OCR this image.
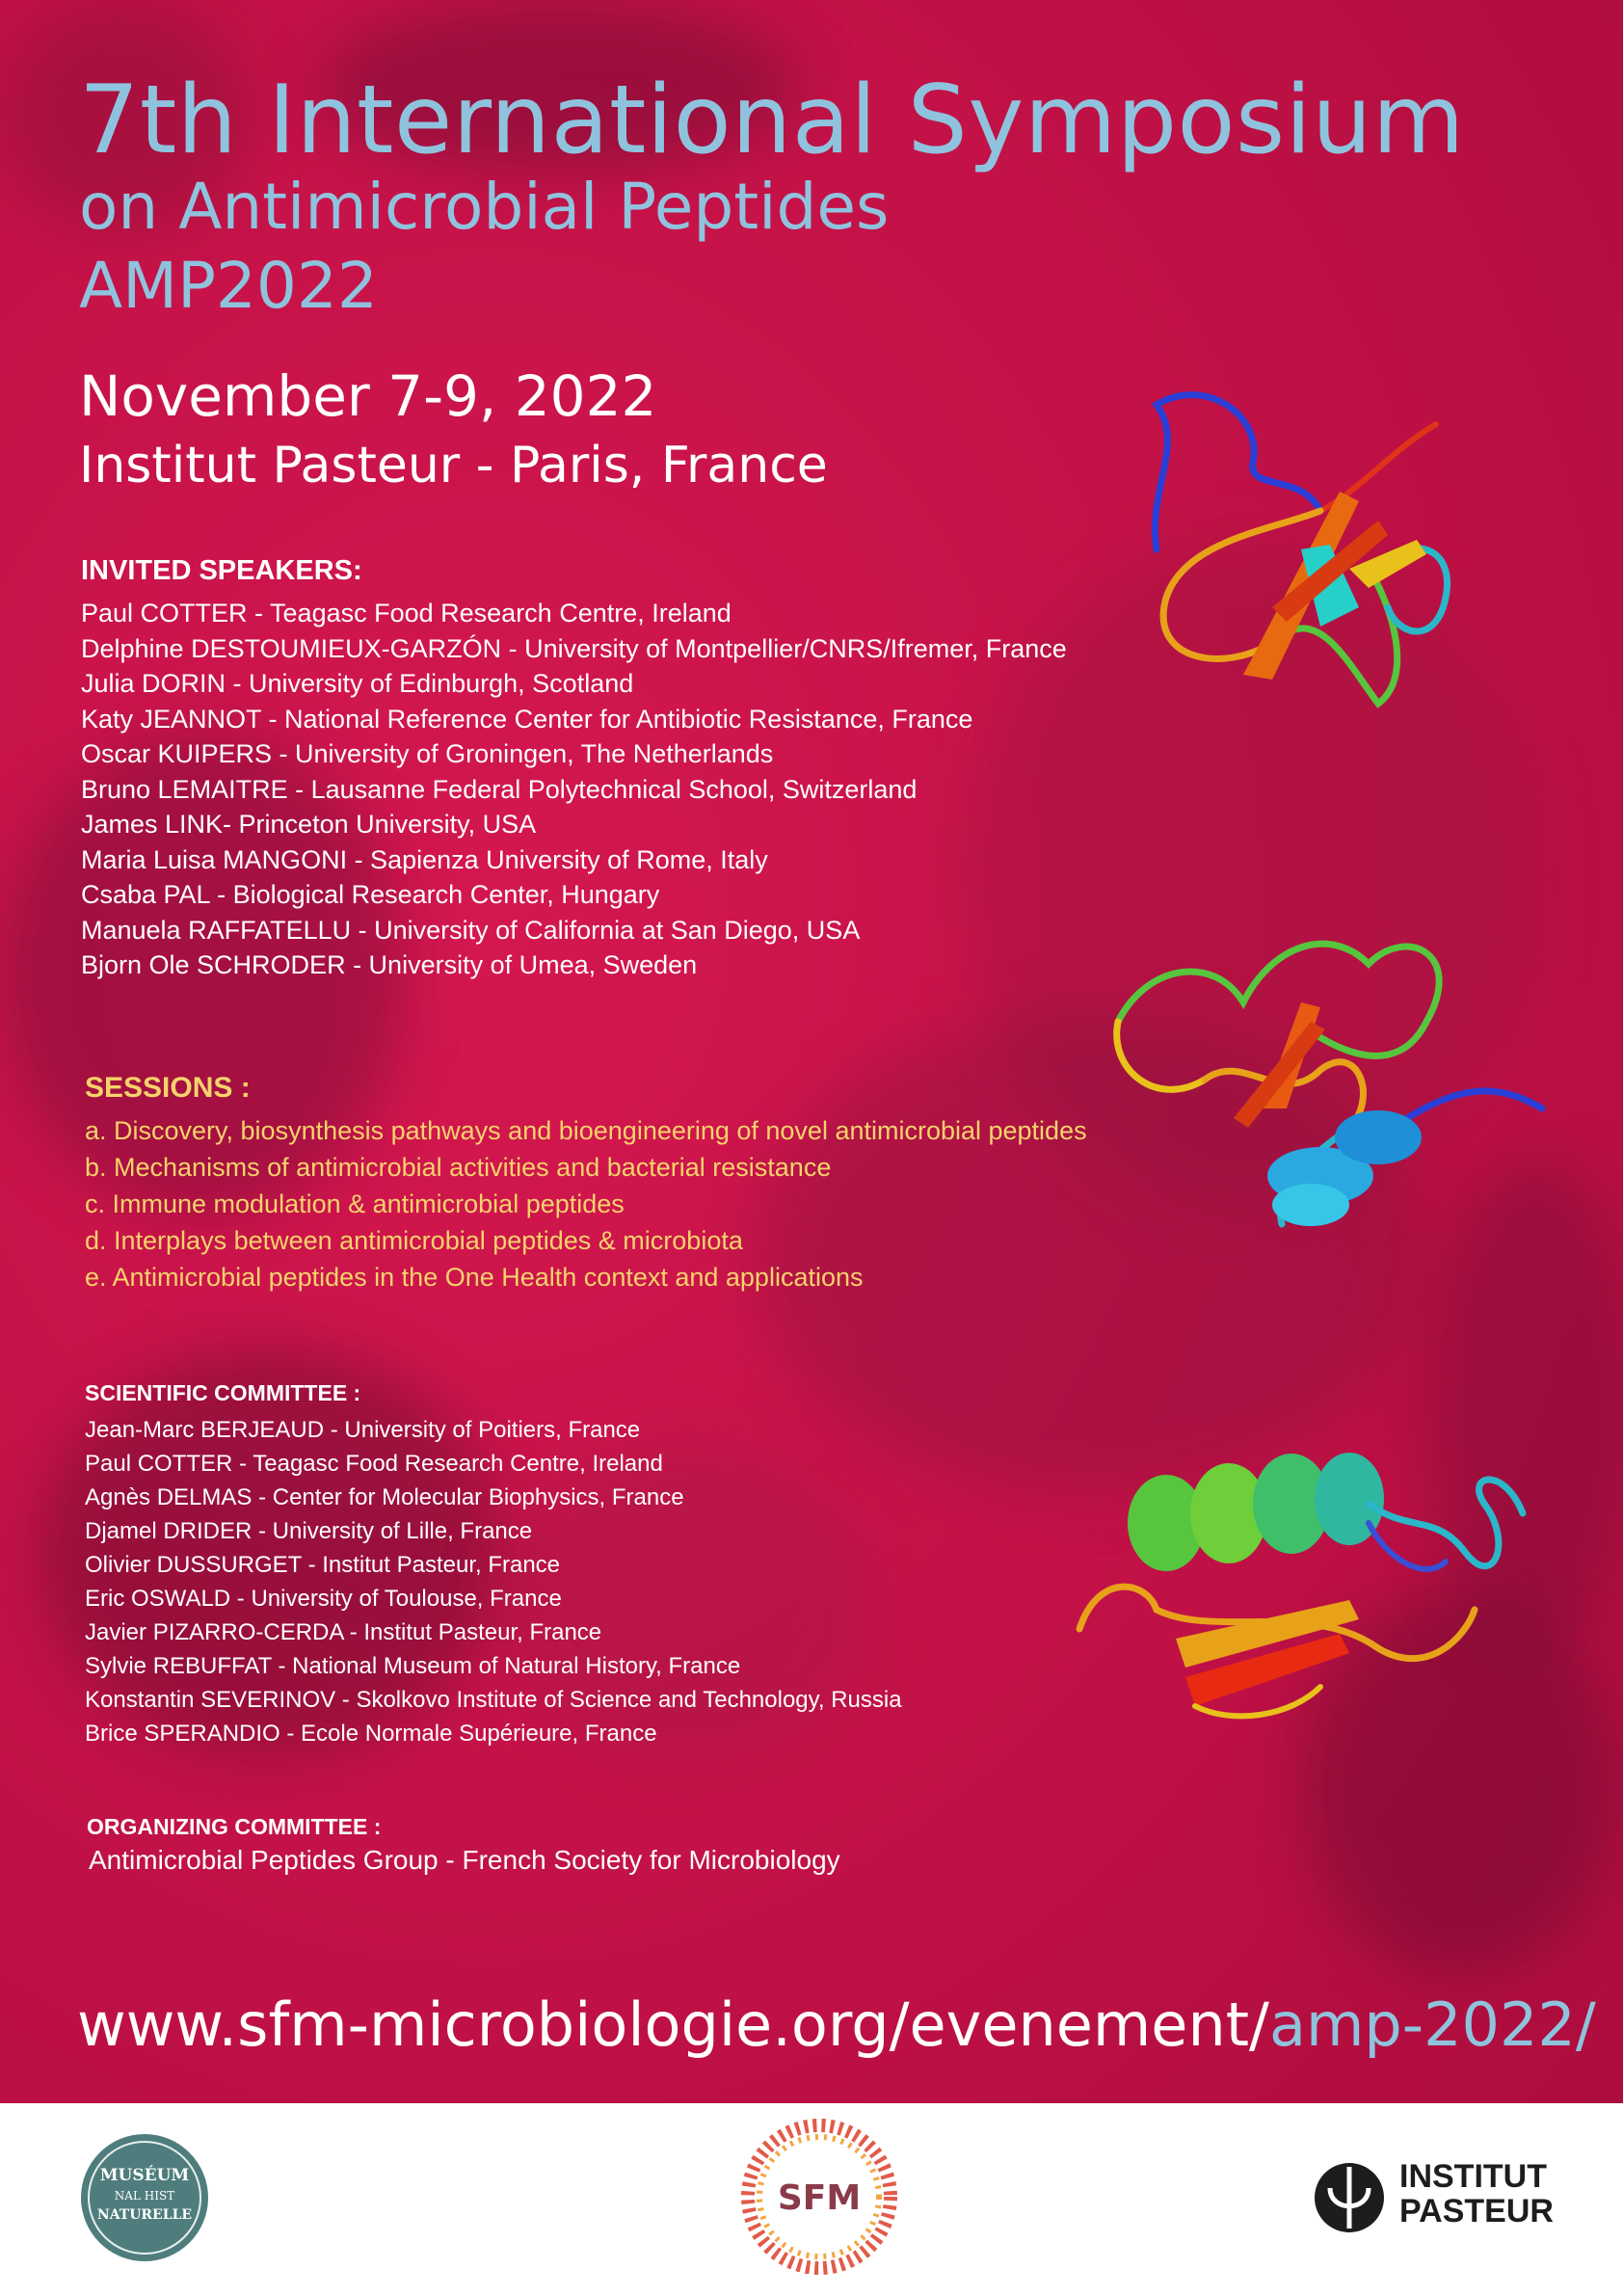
7th International Symposium
on Antimicrobial Peptides
AMP2022
November 7-9, 2022
Institut Pasteur - Paris, France
INVITED SPEAKERS:
Paul COTTER - Teagasc Food Research Centre, Ireland
Delphine DESTOUMIEUX-GARZÓN - University of Montpellier/CNRS/Ifremer, France
Julia DORIN - University of Edinburgh, Scotland
Katy JEANNOT - National Reference Center for Antibiotic Resistance, France
Oscar KUIPERS - University of Groningen, The Netherlands
Bruno LEMAITRE - Lausanne Federal Polytechnical School, Switzerland
James LINK- Princeton University, USA
Maria Luisa MANGONI - Sapienza University of Rome, Italy
Csaba PAL - Biological Research Center, Hungary
Manuela RAFFATELLU - University of California at San Diego, USA
Bjorn Ole SCHRODER - University of Umea, Sweden
SESSIONS :
a. Discovery, biosynthesis pathways and bioengineering of novel antimicrobial peptides
b. Mechanisms of antimicrobial activities and bacterial resistance
c. Immune modulation & antimicrobial peptides
d. Interplays between antimicrobial peptides & microbiota
e. Antimicrobial peptides in the One Health context and applications
SCIENTIFIC COMMITTEE :
Jean-Marc BERJEAUD - University of Poitiers, France
Paul COTTER - Teagasc Food Research Centre, Ireland
Agnès DELMAS - Center for Molecular Biophysics, France
Djamel DRIDER - University of Lille, France
Olivier DUSSURGET - Institut Pasteur, France
Eric OSWALD - University of Toulouse, France
Javier PIZARRO-CERDA - Institut Pasteur, France
Sylvie REBUFFAT - National Museum of Natural History, France
Konstantin SEVERINOV - Skolkovo Institute of Science and Technology, Russia
Brice SPERANDIO - Ecole Normale Supérieure, France
ORGANIZING COMMITTEE :
Antimicrobial Peptides Group - French Society for Microbiology
www.sfm-microbiologie.org/evenement/amp-2022/
MUSÉUM
NAL HIST
NATURELLE	SFM
INSTITUT
PASTEUR
